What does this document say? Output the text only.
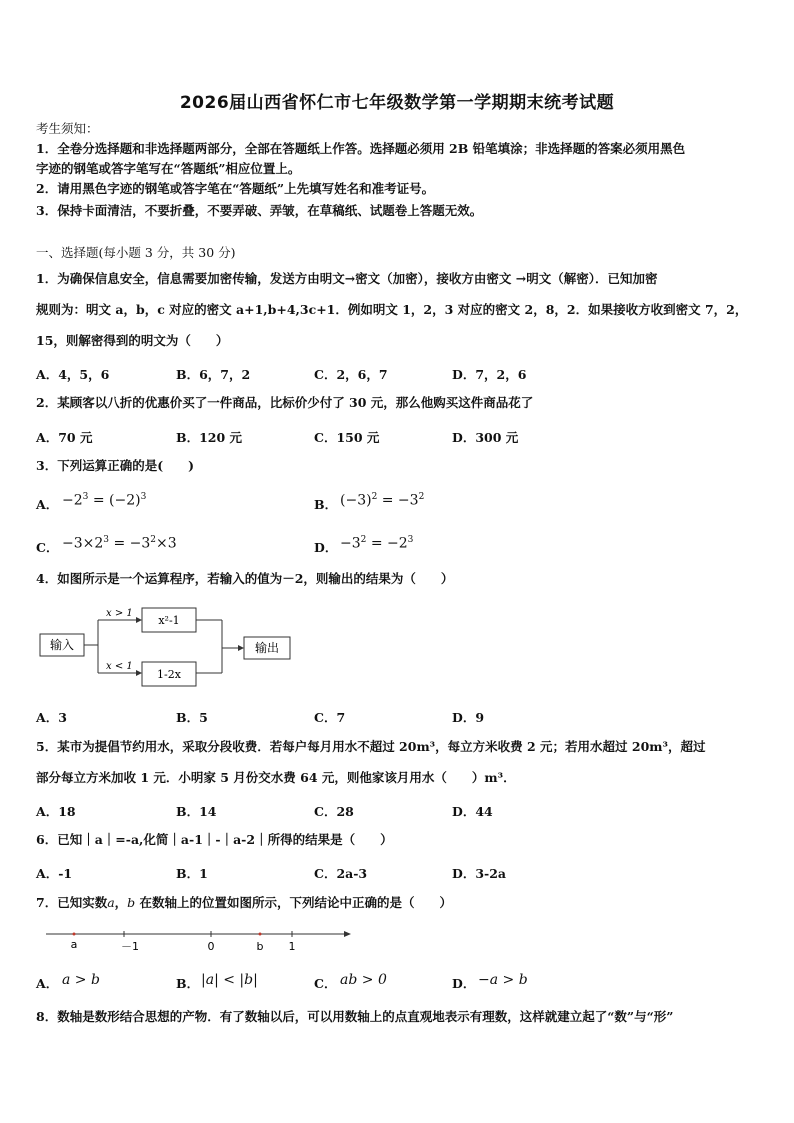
2026届山西省怀仁市七年级数学第一学期期末统考试题
考生须知：
1．全卷分选择题和非选择题两部分，全部在答题纸上作答。选择题必须用 2B 铅笔填涂；非选择题的答案必须用黑色
字迹的钢笔或答字笔写在“答题纸”相应位置上。
2．请用黑色字迹的钢笔或答字笔在“答题纸”上先填写姓名和准考证号。
3．保持卡面清洁，不要折叠，不要弄破、弄皱，在草稿纸、试题卷上答题无效。
一、选择题(每小题 3 分，共 30 分)
1．为确保信息安全，信息需要加密传输，发送方由明文→密文（加密），接收方由密文 →明文（解密）．已知加密
规则为：明文 a，b，c 对应的密文 a+1,b+4,3c+1．例如明文 1，2，3 对应的密文 2，8，2．如果接收方收到密文 7，2，
15，则解密得到的明文为（　　）
A．4，5，6	B．6，7，2	C．2，6，7	D．7，2，6
2．某顾客以八折的优惠价买了一件商品，比标价少付了 30 元，那么他购买这件商品花了
A．70 元	B．120 元	C．150 元	D．300 元
3．下列运算正确的是(　　)
A． $-2^3 = (-2)^3$	B． $(-3)^2 = -3^2$
C． $-3\times 2^3 = -3^2\times 3$	D． $-3^2 = -2^3$
4．如图所示是一个运算程序，若输入的值为－2，则输出的结果为（　　）
输入
x > 1
x < 1
x²-1
1-2x
输出
A．3	B．5	C．7	D．9
5．某市为提倡节约用水，采取分段收费．若每户每月用水不超过 20m³，每立方米收费 2 元；若用水超过 20m³，超过
部分每立方米加收 1 元．小明家 5 月份交水费 64 元，则他家该月用水（　　）m³．
A．18	B．14	C．28	D．44
6．已知｜a｜=-a,化简｜a-1｜-｜a-2｜所得的结果是（　　）
A．-1	B．1	C．2a-3	D．3-2a
7．已知实数a，b 在数轴上的位置如图所示，下列结论中正确的是（　　）
a	－1	0	b 1
A． a > b	B． |a| < |b|	C． ab > 0	D． −a > b
8．数轴是数形结合思想的产物．有了数轴以后，可以用数轴上的点直观地表示有理数，这样就建立起了“数”与“形”
